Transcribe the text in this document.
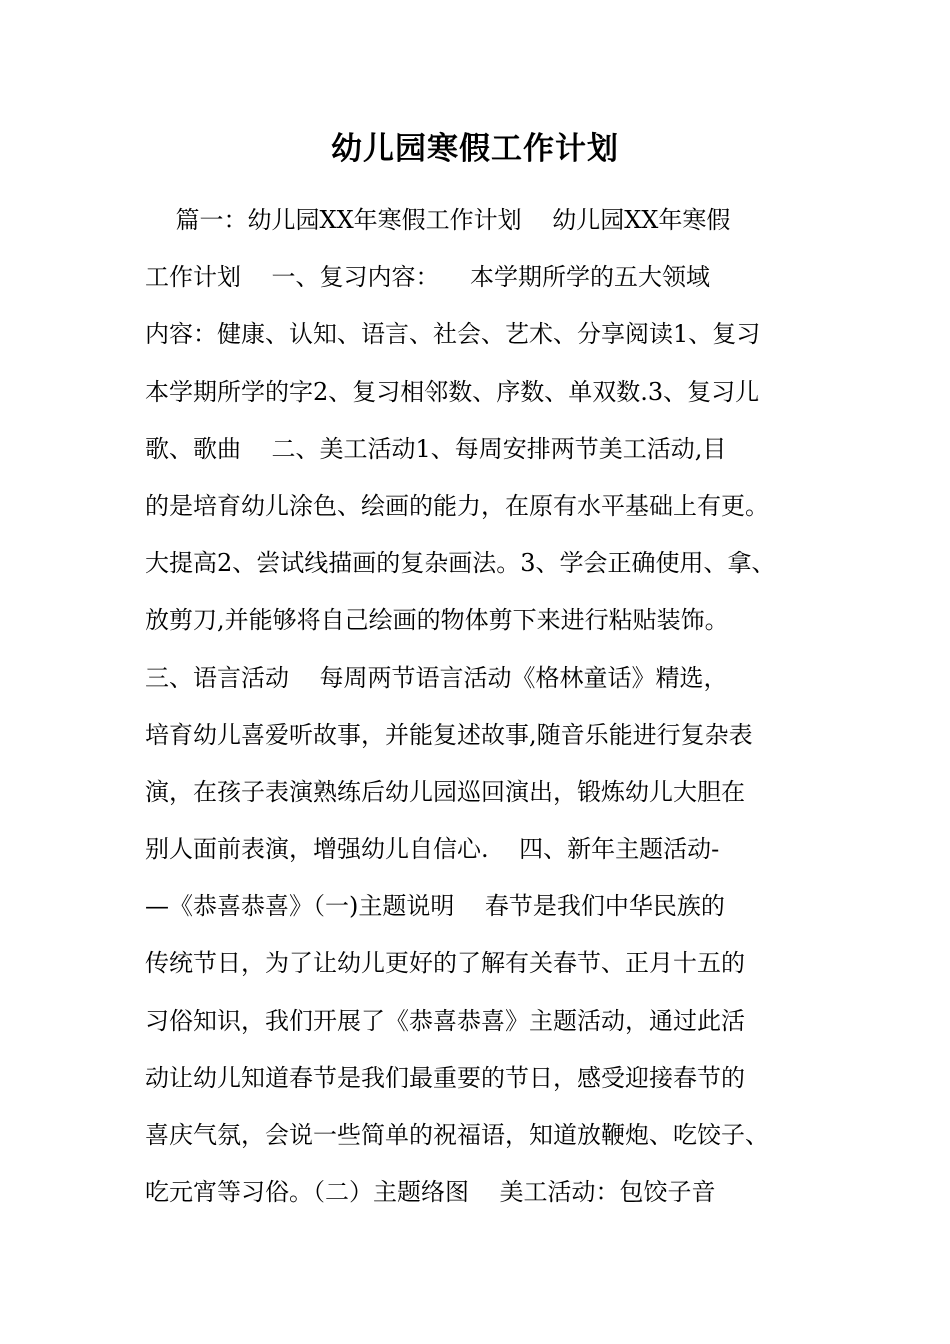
幼儿园寒假工作计划
篇一：幼儿园XX年寒假工作计划    幼儿园XX年寒假
工作计划    一、复习内容：    本学期所学的五大领域
内容：健康、认知、语言、社会、艺术、分享阅读1、复习
本学期所学的字2、复习相邻数、序数、单双数.3、复习儿
歌、歌曲    二、美工活动1、每周安排两节美工活动,目
的是培育幼儿涂色、绘画的能力，在原有水平基础上有更。
大提高2、尝试线描画的复杂画法。3、学会正确使用、拿、
放剪刀,并能够将自己绘画的物体剪下来进行粘贴装饰。
三、语言活动    每周两节语言活动《格林童话》精选，
培育幼儿喜爱听故事，并能复述故事,随音乐能进行复杂表
演，在孩子表演熟练后幼儿园巡回演出，锻炼幼儿大胆在
别人面前表演，增强幼儿自信心.    四、新年主题活动-
—《恭喜恭喜》（一)主题说明    春节是我们中华民族的
传统节日，为了让幼儿更好的了解有关春节、正月十五的
习俗知识，我们开展了《恭喜恭喜》主题活动，通过此活
动让幼儿知道春节是我们最重要的节日，感受迎接春节的
喜庆气氛，会说一些简单的祝福语，知道放鞭炮、吃饺子、
吃元宵等习俗。（二）主题络图    美工活动：包饺子音
